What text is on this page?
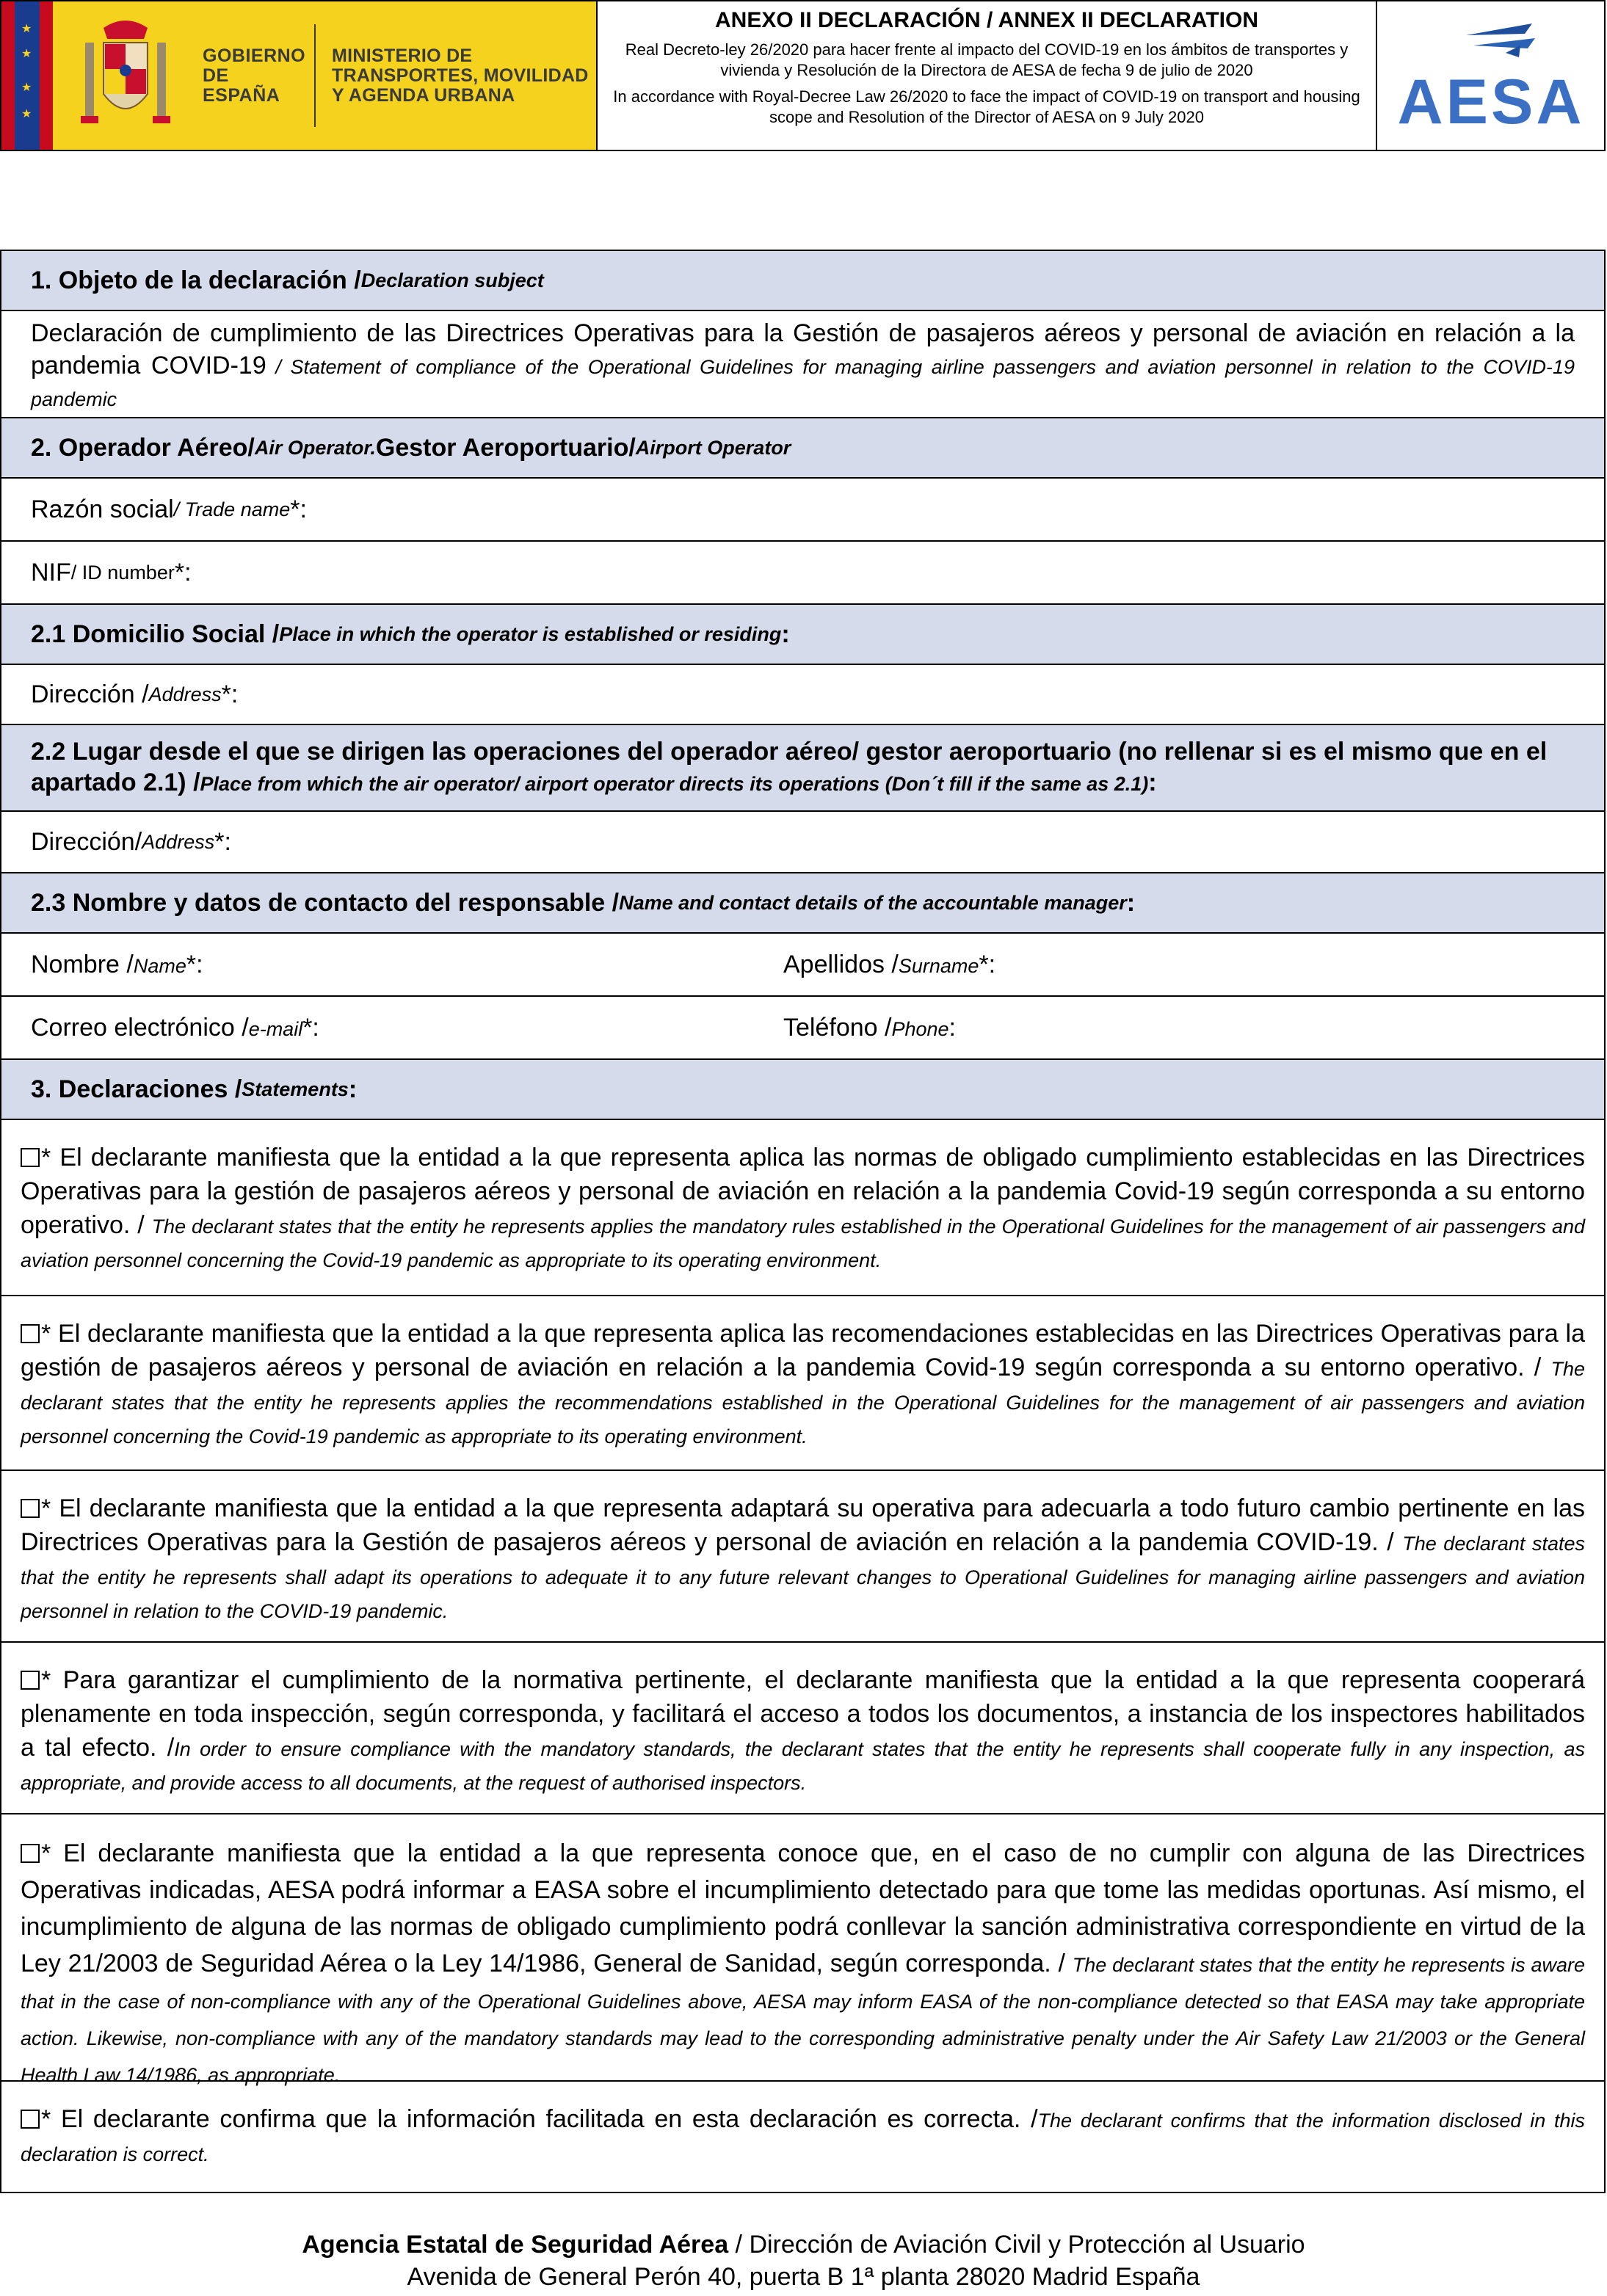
★
★
★
★
GOBIERNO DE ESPAÑA
MINISTERIO DE TRANSPORTES, MOVILIDAD Y AGENDA URBANA
ANEXO II DECLARACIÓN / ANNEX II DECLARATION
Real Decreto-ley 26/2020 para hacer frente al impacto del COVID-19 en los ámbitos de transportes y vivienda y Resolución de la Directora de AESA de fecha 9 de julio de 2020
In accordance with Royal-Decree Law 26/2020 to face the impact of COVID-19 on transport and housing scope and Resolution of the Director of AESA on 9 July 2020	AESA
1. Objeto de la declaración / Declaration subject
Declaración de cumplimiento de las Directrices Operativas para la Gestión de pasajeros aéreos y personal de aviación en relación a la pandemia COVID-19 / Statement of compliance of the Operational Guidelines for managing airline passengers and aviation personnel in relation to the COVID-19 pandemic
2. Operador Aéreo/ Air Operator. Gestor Aeroportuario/ Airport Operator
Razón social / Trade name *:
NIF / ID number *:
2.1 Domicilio Social / Place in which the operator is established or residing :
Dirección / Address *:
2.2 Lugar desde el que se dirigen las operaciones del operador aéreo/ gestor aeroportuario (no rellenar si es el mismo que en el apartado 2.1) /Place from which the air operator/ airport operator directs its operations (Don´t fill if the same as 2.1):
Dirección/ Address *:
2.3 Nombre y datos de contacto del responsable / Name and contact details of the accountable manager :
Nombre /Name*:	Apellidos /Surname*:
Correo electrónico /e-mail*:	Teléfono /Phone:
3. Declaraciones / Statements :
* El declarante manifiesta que la entidad a la que representa aplica las normas de obligado cumplimiento establecidas en las Directrices Operativas para la gestión de pasajeros aéreos y personal de aviación en relación a la pandemia Covid-19 según corresponda a su entorno operativo. / The declarant states that the entity he represents applies the mandatory rules established in the Operational Guidelines for the management of air passengers and aviation personnel concerning the Covid-19 pandemic as appropriate to its operating environment.
* El declarante manifiesta que la entidad a la que representa aplica las recomendaciones establecidas en las Directrices Operativas para la gestión de pasajeros aéreos y personal de aviación en relación a la pandemia Covid-19 según corresponda a su entorno operativo. / The declarant states that the entity he represents applies the recommendations established in the Operational Guidelines for the management of air passengers and aviation personnel concerning the Covid-19 pandemic as appropriate to its operating environment.
* El declarante manifiesta que la entidad a la que representa adaptará su operativa para adecuarla a todo futuro cambio pertinente en las Directrices Operativas para la Gestión de pasajeros aéreos y personal de aviación en relación a la pandemia COVID-19. / The declarant states that the entity he represents shall adapt its operations to adequate it to any future relevant changes to Operational Guidelines for managing airline passengers and aviation personnel in relation to the COVID-19 pandemic.
* Para garantizar el cumplimiento de la normativa pertinente, el declarante manifiesta que la entidad a la que representa cooperará plenamente en toda inspección, según corresponda, y facilitará el acceso a todos los documentos, a instancia de los inspectores habilitados a tal efecto. /In order to ensure compliance with the mandatory standards, the declarant states that the entity he represents shall cooperate fully in any inspection, as appropriate, and provide access to all documents, at the request of authorised inspectors.
* El declarante manifiesta que la entidad a la que representa conoce que, en el caso de no cumplir con alguna de las Directrices Operativas indicadas, AESA podrá informar a EASA sobre el incumplimiento detectado para que tome las medidas oportunas. Así mismo, el incumplimiento de alguna de las normas de obligado cumplimiento podrá conllevar la sanción administrativa correspondiente en virtud de la Ley 21/2003 de Seguridad Aérea o la Ley 14/1986, General de Sanidad, según corresponda. / The declarant states that the entity he represents is aware that in the case of non-compliance with any of the Operational Guidelines above, AESA may inform EASA of the non-compliance detected so that EASA may take appropriate action. Likewise, non-compliance with any of the mandatory standards may lead to the corresponding administrative penalty under the Air Safety Law 21/2003 or the General Health Law 14/1986, as appropriate.
* El declarante confirma que la información facilitada en esta declaración es correcta. /The declarant confirms that the information disclosed in this declaration is correct.
Agencia Estatal de Seguridad Aérea / Dirección de Aviación Civil y Protección al Usuario
Avenida de General Perón 40, puerta B 1ª planta 28020 Madrid España
